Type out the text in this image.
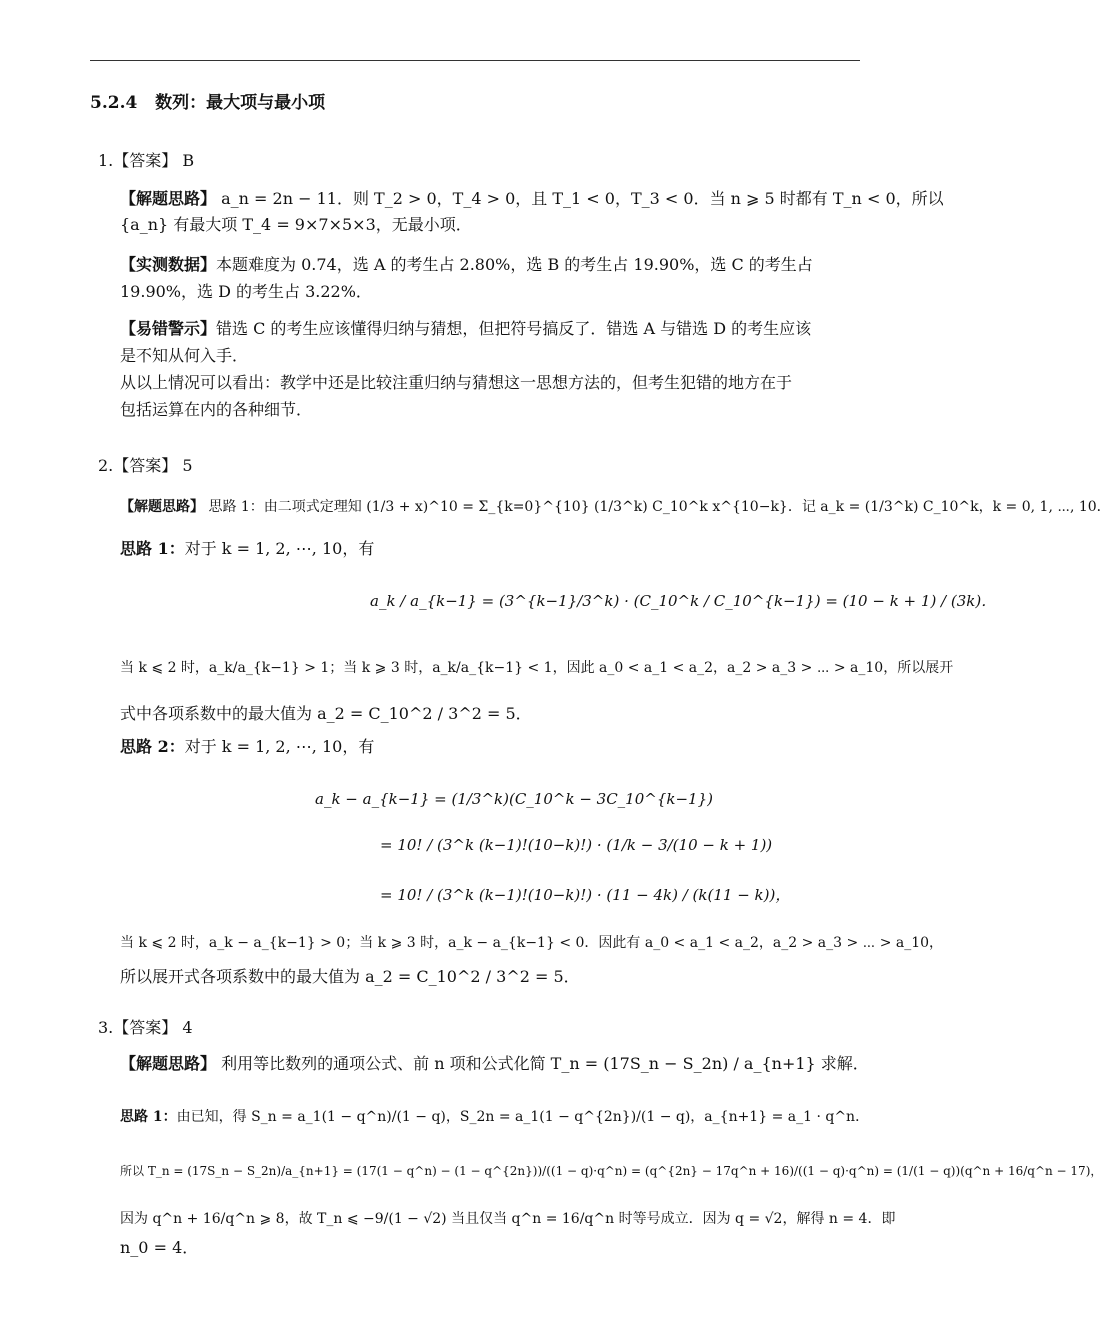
5.2.4 数列：最大项与最小项
1.【答案】 B
【解题思路】 a_n = 2n − 11．则 T_2 > 0，T_4 > 0，且 T_1 < 0，T_3 < 0．当 n ⩾ 5 时都有 T_n < 0，所以
{a_n} 有最大项 T_4 = 9×7×5×3，无最小项．
【实测数据】本题难度为 0.74，选 A 的考生占 2.80%，选 B 的考生占 19.90%，选 C 的考生占
19.90%，选 D 的考生占 3.22%．
【易错警示】错选 C 的考生应该懂得归纳与猜想，但把符号搞反了．错选 A 与错选 D 的考生应该
是不知从何入手．
从以上情况可以看出：教学中还是比较注重归纳与猜想这一思想方法的，但考生犯错的地方在于
包括运算在内的各种细节．
2.【答案】 5
【解题思路】 思路 1：由二项式定理知 (1/3 + x)^10 = Σ_{k=0}^{10} (1/3^k) C_10^k x^{10−k}．记 a_k = (1/3^k) C_10^k，k = 0, 1, ⋯, 10．
思路 1：对于 k = 1, 2, ⋯, 10，有
a_k / a_{k−1} = (3^{k−1}/3^k) · (C_10^k / C_10^{k−1}) = (10 − k + 1) / (3k)．
当 k ⩽ 2 时，a_k/a_{k−1} > 1；当 k ⩾ 3 时，a_k/a_{k−1} < 1，因此 a_0 < a_1 < a_2，a_2 > a_3 > ⋯ > a_10，所以展开
式中各项系数中的最大值为 a_2 = C_10^2 / 3^2 = 5．
思路 2：对于 k = 1, 2, ⋯, 10，有
a_k − a_{k−1} = (1/3^k)(C_10^k − 3C_10^{k−1})
= 10! / (3^k (k−1)!(10−k)!) · (1/k − 3/(10 − k + 1))
= 10! / (3^k (k−1)!(10−k)!) · (11 − 4k) / (k(11 − k))，
当 k ⩽ 2 时，a_k − a_{k−1} > 0；当 k ⩾ 3 时，a_k − a_{k−1} < 0．因此有 a_0 < a_1 < a_2，a_2 > a_3 > ⋯ > a_10，
所以展开式各项系数中的最大值为 a_2 = C_10^2 / 3^2 = 5．
3.【答案】 4
【解题思路】 利用等比数列的通项公式、前 n 项和公式化简 T_n = (17S_n − S_2n) / a_{n+1} 求解．
思路 1：由已知，得 S_n = a_1(1 − q^n)/(1 − q)，S_2n = a_1(1 − q^{2n})/(1 − q)，a_{n+1} = a_1 · q^n．
所以 T_n = (17S_n − S_2n)/a_{n+1} = (17(1 − q^n) − (1 − q^{2n}))/((1 − q)·q^n) = (q^{2n} − 17q^n + 16)/((1 − q)·q^n) = (1/(1 − q))(q^n + 16/q^n − 17)，
因为 q^n + 16/q^n ⩾ 8，故 T_n ⩽ −9/(1 − √2) 当且仅当 q^n = 16/q^n 时等号成立．因为 q = √2，解得 n = 4．即
n_0 = 4．
